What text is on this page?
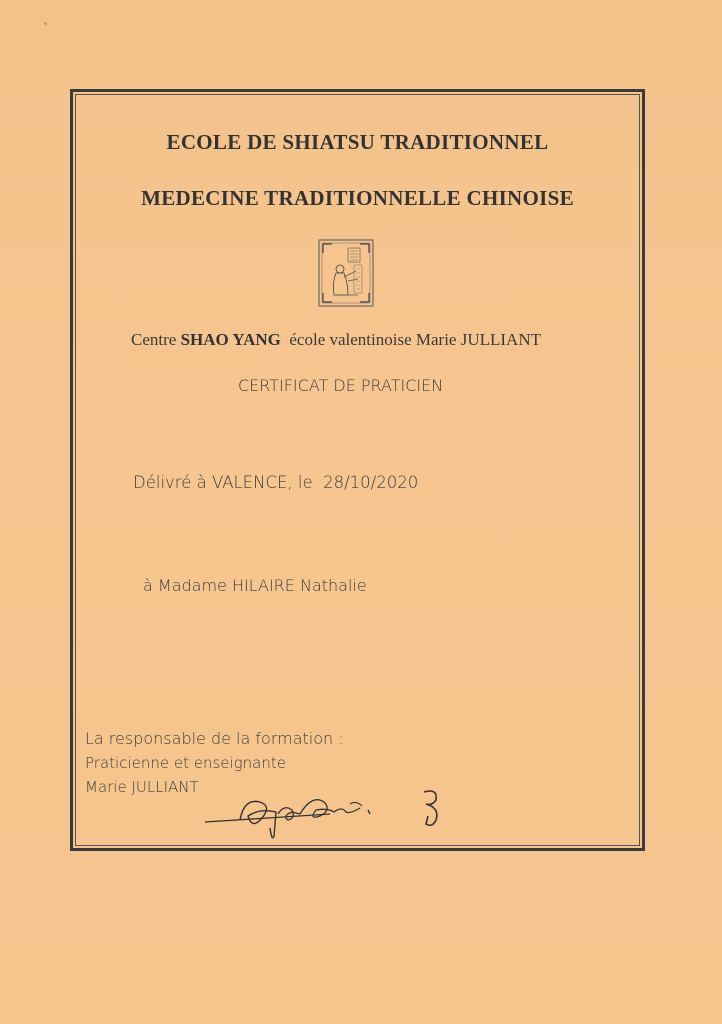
ECOLE DE SHIATSU TRADITIONNEL
MEDECINE TRADITIONNELLE CHINOISE
Centre SHAO YANG école valentinoise Marie JULLIANT
CERTIFICAT DE PRATICIEN
Délivré à VALENCE, le 28/10/2020
à Madame HILAIRE Nathalie
La responsable de la formation :
Praticienne et enseignante
Marie JULLIANT
